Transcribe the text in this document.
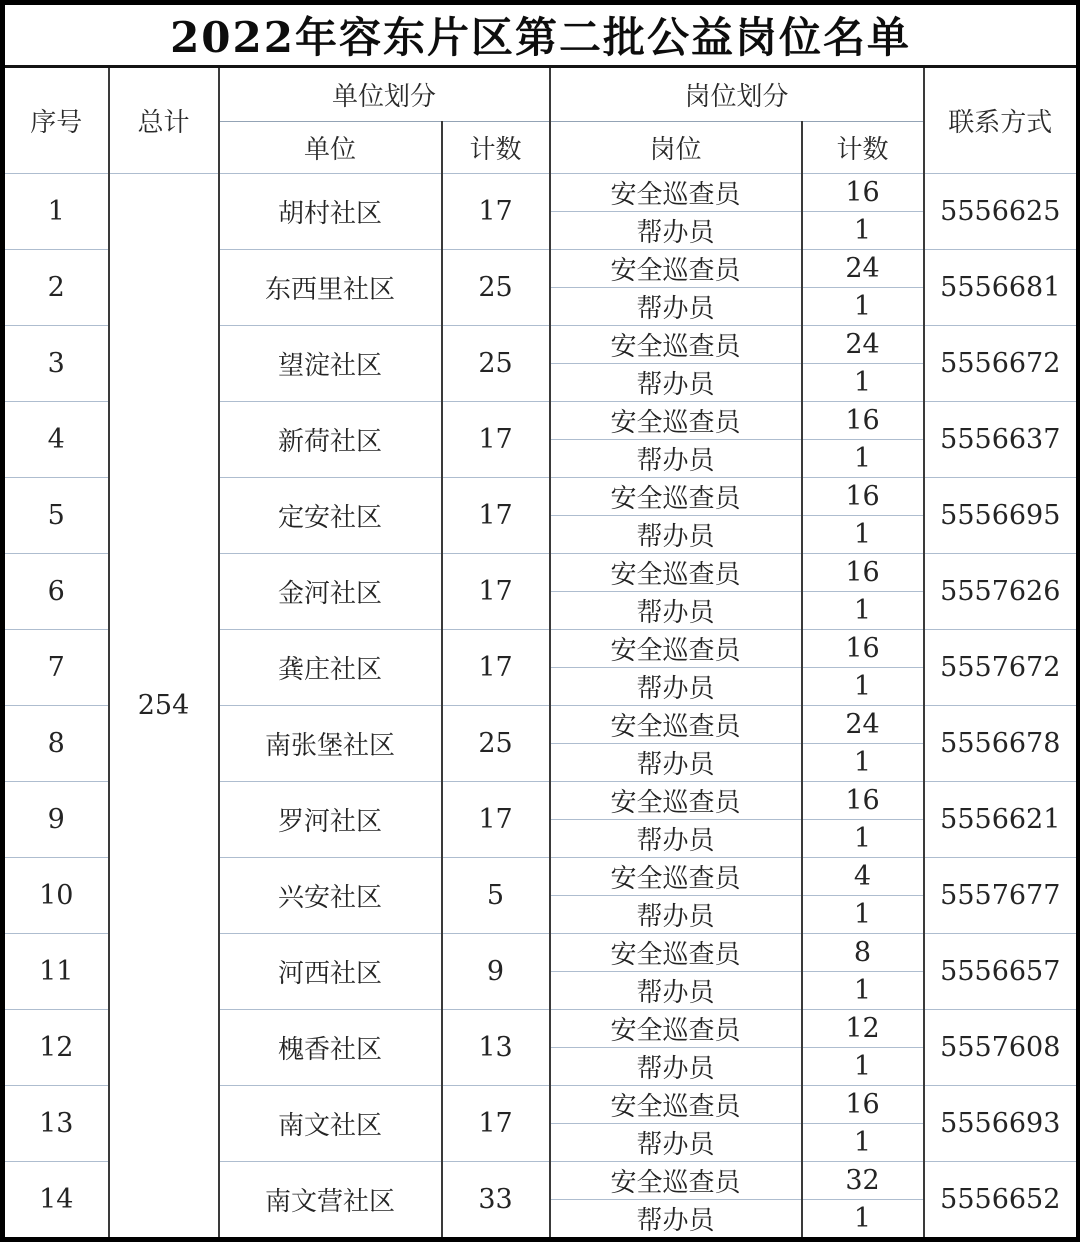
2022年容东片区第二批公益岗位名单						
序号	总计	单位划分		岗位划分		联系方式
		单位	计数	岗位	计数	
1	254	胡村社区	17	安全巡查员	16	5556625
				帮办员	1	
2		东西里社区	25	安全巡查员	24	5556681
				帮办员	1	
3		望淀社区	25	安全巡查员	24	5556672
				帮办员	1	
4		新荷社区	17	安全巡查员	16	5556637
				帮办员	1	
5		定安社区	17	安全巡查员	16	5556695
				帮办员	1	
6		金河社区	17	安全巡查员	16	5557626
				帮办员	1	
7		龚庄社区	17	安全巡查员	16	5557672
				帮办员	1	
8		南张堡社区	25	安全巡查员	24	5556678
				帮办员	1	
9		罗河社区	17	安全巡查员	16	5556621
				帮办员	1	
10		兴安社区	5	安全巡查员	4	5557677
				帮办员	1	
11		河西社区	9	安全巡查员	8	5556657
				帮办员	1	
12		槐香社区	13	安全巡查员	12	5557608
				帮办员	1	
13		南文社区	17	安全巡查员	16	5556693
				帮办员	1	
14		南文营社区	33	安全巡查员	32	5556652
				帮办员	1	
